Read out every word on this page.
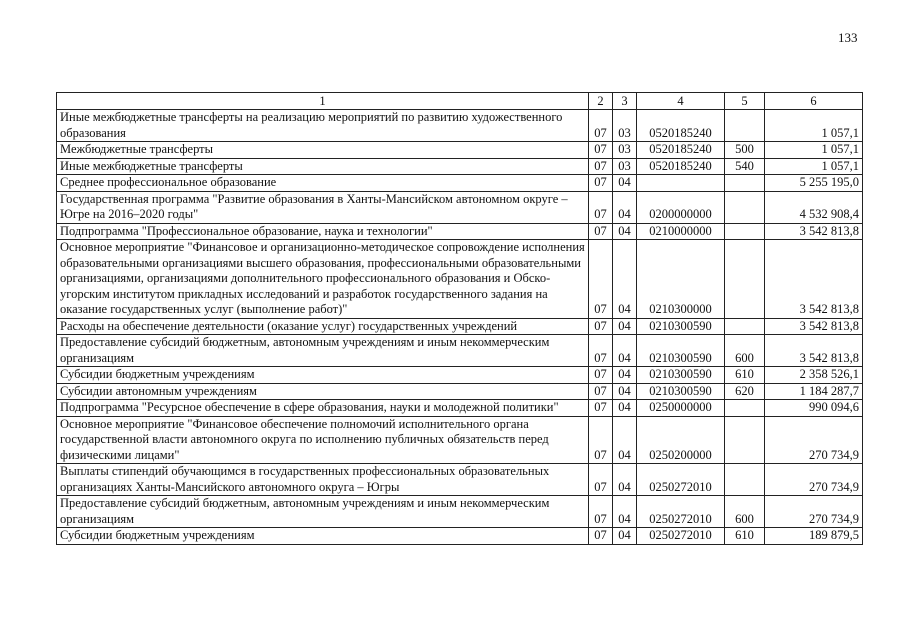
133
1	2	3	4	5	6
Иные межбюджетные трансферты на реализацию мероприятий по развитию художественного образования	07	03	0520185240		1 057,1
Межбюджетные трансферты	07	03	0520185240	500	1 057,1
Иные межбюджетные трансферты	07	03	0520185240	540	1 057,1
Среднее профессиональное образование	07	04			5 255 195,0
Государственная программа "Развитие образования в Ханты-Мансийском автономном округе – Югре на 2016–2020 годы"	07	04	0200000000		4 532 908,4
Подпрограмма "Профессиональное образование, наука и технологии"	07	04	0210000000		3 542 813,8
Основное мероприятие "Финансовое и организационно-методическое сопровождение исполнения образовательными организациями высшего образования, профессиональными образовательными организациями, организациями дополнительного профессионального образования и Обско-угорским институтом прикладных исследований и разработок государственного задания на оказание государственных услуг (выполнение работ)"	07	04	0210300000		3 542 813,8
Расходы на обеспечение деятельности (оказание услуг) государственных учреждений	07	04	0210300590		3 542 813,8
Предоставление субсидий бюджетным, автономным учреждениям и иным некоммерческим организациям	07	04	0210300590	600	3 542 813,8
Субсидии бюджетным учреждениям	07	04	0210300590	610	2 358 526,1
Субсидии автономным учреждениям	07	04	0210300590	620	1 184 287,7
Подпрограмма "Ресурсное обеспечение в сфере образования, науки и молодежной политики"	07	04	0250000000		990 094,6
Основное мероприятие "Финансовое обеспечение полномочий исполнительного органа государственной власти автономного округа по исполнению публичных обязательств перед физическими лицами"	07	04	0250200000		270 734,9
Выплаты стипендий обучающимся в государственных профессиональных образовательных организациях Ханты-Мансийского автономного округа – Югры	07	04	0250272010		270 734,9
Предоставление субсидий бюджетным, автономным учреждениям и иным некоммерческим организациям	07	04	0250272010	600	270 734,9
Субсидии бюджетным учреждениям	07	04	0250272010	610	189 879,5
